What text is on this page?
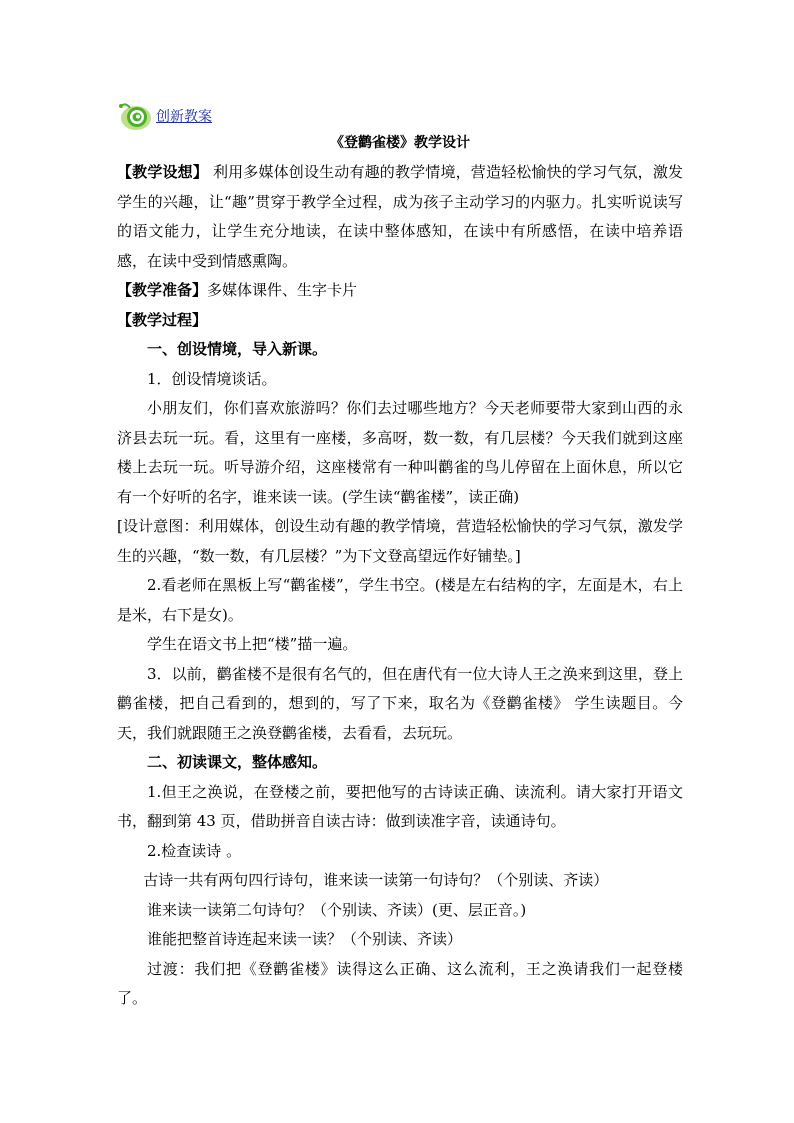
创新教案
《登鹳雀楼》教学设计

【教学设想】 利用多媒体创设生动有趣的教学情境，营造轻松愉快的学习气氛，激发学生的兴趣，让“趣”贯穿于教学全过程，成为孩子主动学习的内驱力。扎实听说读写的语文能力，让学生充分地读，在读中整体感知，在读中有所感悟，在读中培养语感，在读中受到情感熏陶。

【教学准备】多媒体课件、生字卡片

【教学过程】

一、创设情境，导入新课。

1．创设情境谈话。

小朋友们，你们喜欢旅游吗？你们去过哪些地方？今天老师要带大家到山西的永济县去玩一玩。看，这里有一座楼，多高呀，数一数，有几层楼？今天我们就到这座楼上去玩一玩。听导游介绍，这座楼常有一种叫鹳雀的鸟儿停留在上面休息，所以它有一个好听的名字，谁来读一读。(学生读“鹳雀楼”，读正确)

[设计意图：利用媒体，创设生动有趣的教学情境，营造轻松愉快的学习气氛，激发学生的兴趣，“数一数，有几层楼？”为下文登高望远作好铺垫。]

2.看老师在黑板上写“鹳雀楼”，学生书空。(楼是左右结构的字，左面是木，右上是米，右下是女)。

学生在语文书上把“楼”描一遍。

3．以前，鹳雀楼不是很有名气的，但在唐代有一位大诗人王之涣来到这里，登上鹳雀楼，把自己看到的，想到的，写了下来，取名为《登鹳雀楼》 学生读题目。今天，我们就跟随王之涣登鹳雀楼，去看看，去玩玩。

二、初读课文，整体感知。

1.但王之涣说，在登楼之前，要把他写的古诗读正确、读流利。请大家打开语文书，翻到第 43 页，借助拼音自读古诗：做到读准字音，读通诗句。

2.检查读诗 。

古诗一共有两句四行诗句，谁来读一读第一句诗句？（个别读、齐读）

谁来读一读第二句诗句？（个别读、齐读）(更、层正音。)

谁能把整首诗连起来读一读？（个别读、齐读）

过渡：我们把《登鹳雀楼》读得这么正确、这么流利，王之涣请我们一起登楼了。
